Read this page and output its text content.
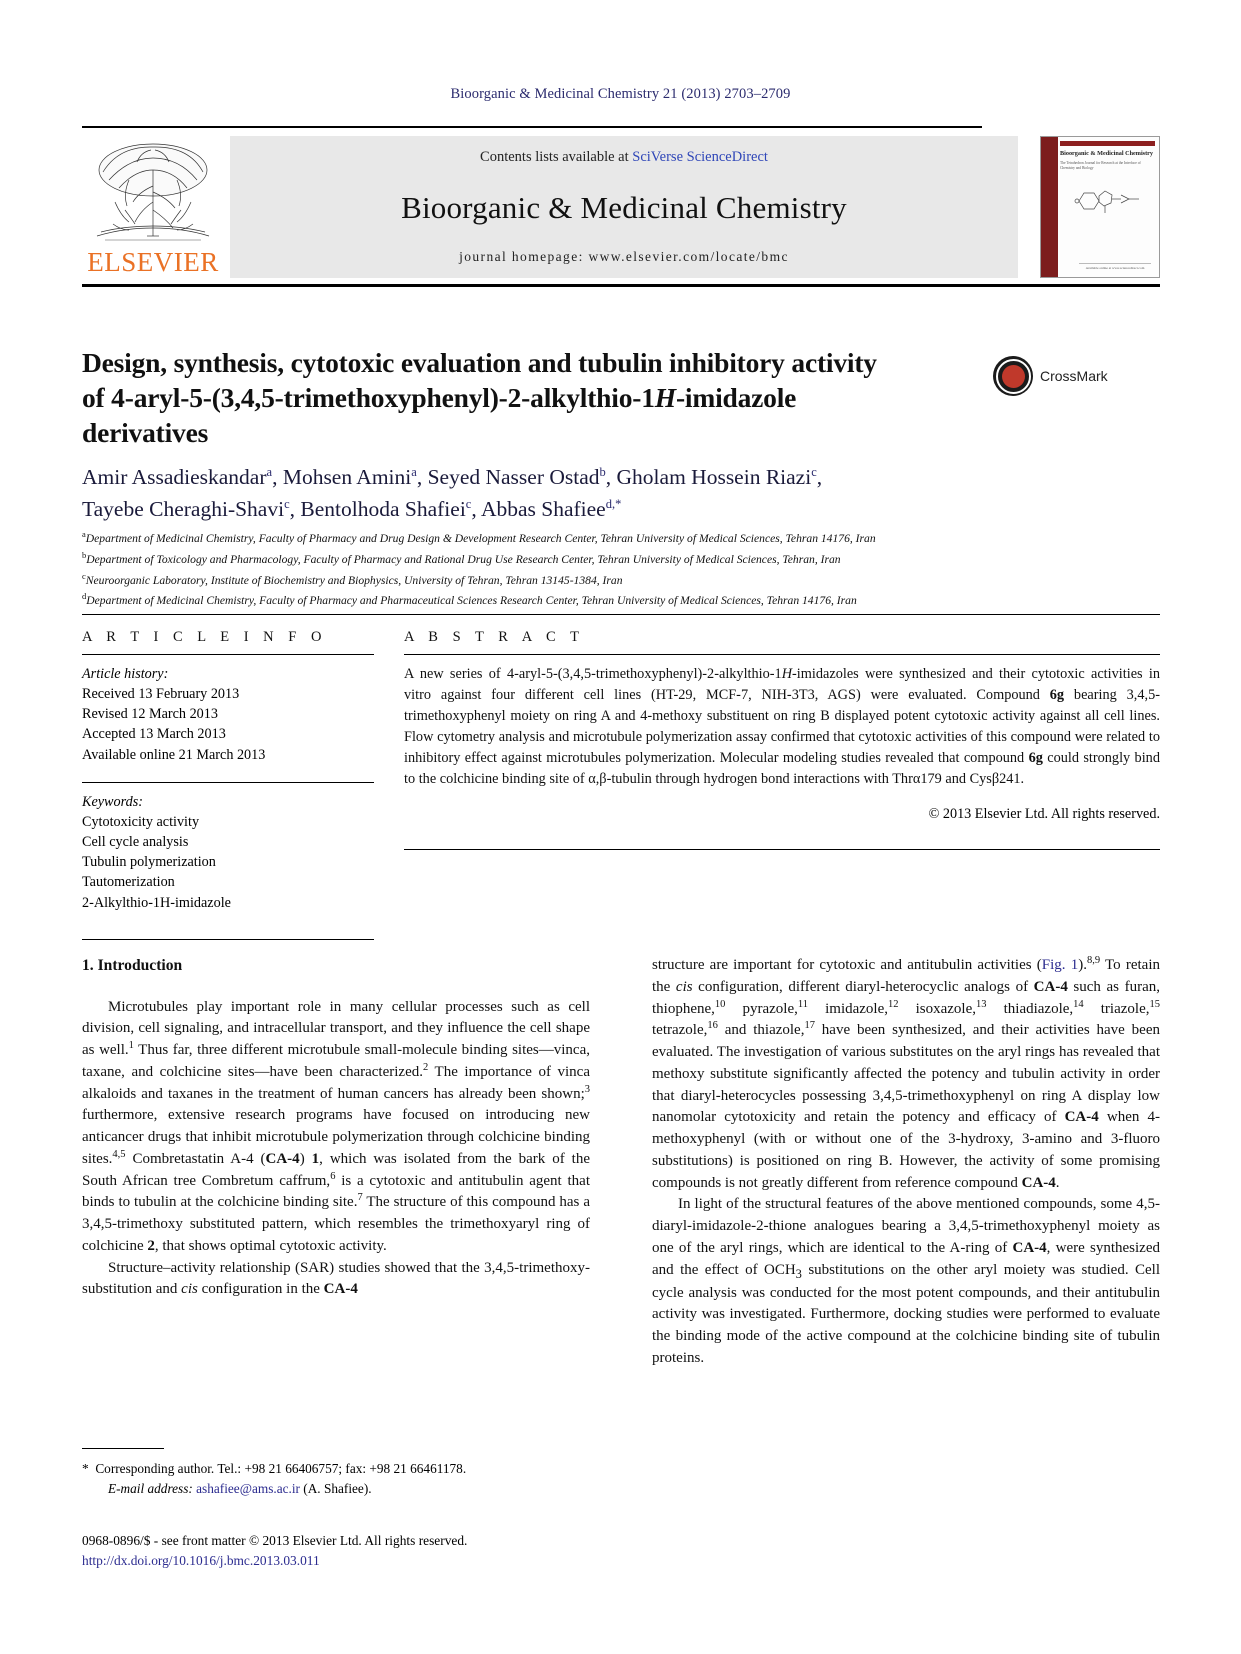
Bioorganic & Medicinal Chemistry 21 (2013) 2703–2709
ELSEVIER
Contents lists available at SciVerse ScienceDirect
Bioorganic & Medicinal Chemistry
journal homepage: www.elsevier.com/locate/bmc
Bioorganic & Medicinal Chemistry
The Tetrahedron Journal for Research at the Interface of Chemistry and Biology
Available online at www.sciencedirect.com
Design, synthesis, cytotoxic evaluation and tubulin inhibitory activity
of 4-aryl-5-(3,4,5-trimethoxyphenyl)-2-alkylthio-1H-imidazole
derivatives
CrossMark
Amir Assadieskandar$^a$, Mohsen Amini$^a$, Seyed Nasser Ostad$^b$, Gholam Hossein Riazi$^c$,
Tayebe Cheraghi-Shavi$^c$, Bentolhoda Shafiei$^c$, Abbas Shafiee$^{d,*}$
$^a$Department of Medicinal Chemistry, Faculty of Pharmacy and Drug Design & Development Research Center, Tehran University of Medical Sciences, Tehran 14176, Iran
$^b$Department of Toxicology and Pharmacology, Faculty of Pharmacy and Rational Drug Use Research Center, Tehran University of Medical Sciences, Tehran, Iran
$^c$Neuroorganic Laboratory, Institute of Biochemistry and Biophysics, University of Tehran, Tehran 13145-1384, Iran
$^d$Department of Medicinal Chemistry, Faculty of Pharmacy and Pharmaceutical Sciences Research Center, Tehran University of Medical Sciences, Tehran 14176, Iran
A R T I C L E I N F O
Article history:
Received 13 February 2013
Revised 12 March 2013
Accepted 13 March 2013
Available online 21 March 2013
Keywords:
Cytotoxicity activity
Cell cycle analysis
Tubulin polymerization
Tautomerization
2-Alkylthio-1H-imidazole
A B S T R A C T
A new series of 4-aryl-5-(3,4,5-trimethoxyphenyl)-2-alkylthio-1H-imidazoles were synthesized and their cytotoxic activities in vitro against four different cell lines (HT-29, MCF-7, NIH-3T3, AGS) were evaluated. Compound 6g bearing 3,4,5-trimethoxyphenyl moiety on ring A and 4-methoxy substituent on ring B displayed potent cytotoxic activity against all cell lines. Flow cytometry analysis and microtubule polymerization assay confirmed that cytotoxic activities of this compound were related to inhibitory effect against microtubules polymerization. Molecular modeling studies revealed that compound 6g could strongly bind to the colchicine binding site of α,β-tubulin through hydrogen bond interactions with Thrα179 and Cysβ241.
© 2013 Elsevier Ltd. All rights reserved.
1. Introduction

Microtubules play important role in many cellular processes such as cell division, cell signaling, and intracellular transport, and they influence the cell shape as well.$^1$ Thus far, three different microtubule small-molecule binding sites—vinca, taxane, and colchicine sites—have been characterized.$^2$ The importance of vinca alkaloids and taxanes in the treatment of human cancers has already been shown;$^3$ furthermore, extensive research programs have focused on introducing new anticancer drugs that inhibit microtubule polymerization through colchicine binding sites.$^{4,5}$ Combretastatin A-4 (CA-4) 1, which was isolated from the bark of the South African tree Combretum caffrum,$^6$ is a cytotoxic and antitubulin agent that binds to tubulin at the colchicine binding site.$^7$ The structure of this compound has a 3,4,5-trimethoxy substituted pattern, which resembles the trimethoxyaryl ring of colchicine 2, that shows optimal cytotoxic activity.

Structure–activity relationship (SAR) studies showed that the 3,4,5-trimethoxy-substitution and cis configuration in the CA-4

structure are important for cytotoxic and antitubulin activities (Fig. 1).$^{8,9}$ To retain the cis configuration, different diaryl-heterocyclic analogs of CA-4 such as furan, thiophene,$^{10}$ pyrazole,$^{11}$ imidazole,$^{12}$ isoxazole,$^{13}$ thiadiazole,$^{14}$ triazole,$^{15}$ tetrazole,$^{16}$ and thiazole,$^{17}$ have been synthesized, and their activities have been evaluated. The investigation of various substitutes on the aryl rings has revealed that methoxy substitute significantly affected the potency and tubulin activity in order that diaryl-heterocycles possessing 3,4,5-trimethoxyphenyl on ring A display low nanomolar cytotoxicity and retain the potency and efficacy of CA-4 when 4-methoxyphenyl (with or without one of the 3-hydroxy, 3-amino and 3-fluoro substitutions) is positioned on ring B. However, the activity of some promising compounds is not greatly different from reference compound CA-4.

In light of the structural features of the above mentioned compounds, some 4,5-diaryl-imidazole-2-thione analogues bearing a 3,4,5-trimethoxyphenyl moiety as one of the aryl rings, which are identical to the A-ring of CA-4, were synthesized and the effect of $OCH_3$ substitutions on the other aryl moiety was studied. Cell cycle analysis was conducted for the most potent compounds, and their antitubulin activity was investigated. Furthermore, docking studies were performed to evaluate the binding mode of the active compound at the colchicine binding site of tubulin proteins.

* Corresponding author. Tel.: +98 21 66406757; fax: +98 21 66461178.
E-mail address: ashafiee@ams.ac.ir (A. Shafiee).
0968-0896/$ - see front matter © 2013 Elsevier Ltd. All rights reserved.
http://dx.doi.org/10.1016/j.bmc.2013.03.011
